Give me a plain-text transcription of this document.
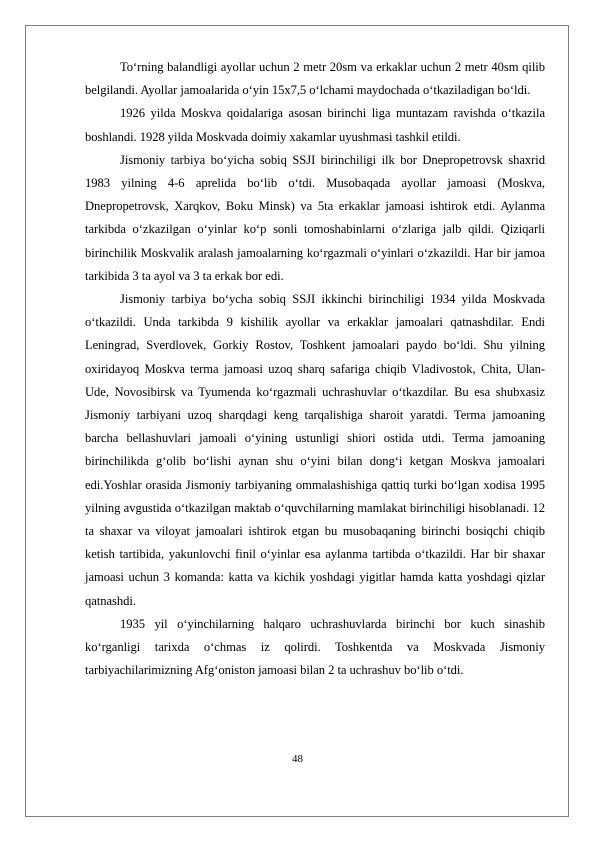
To‘rning balandligi ayollar uchun 2 metr 20sm va erkaklar uchun 2 metr 40sm qilib belgilandi. Ayollar jamoalarida o‘yin 15x7,5 o‘lchami maydochada o‘tkaziladigan bo‘ldi.

1926 yilda Moskva qoidalariga asosan birinchi liga muntazam ravishda o‘tkazila boshlandi. 1928 yilda Moskvada doimiy xakamlar uyushmasi tashkil etildi.

Jismoniy tarbiya bo‘yicha sobiq SSJI birinchiligi ilk bor Dnepropetrovsk shaxrid 1983 yilning 4-6 aprelida bo‘lib o‘tdi. Musobaqada ayollar jamoasi (Moskva, Dnepropetrovsk, Xarqkov, Boku Minsk) va 5ta erkaklar jamoasi ishtirok etdi. Aylanma tarkibda o‘zkazilgan o‘yinlar ko‘p sonli tomoshabinlarni o‘zlariga jalb qildi. Qiziqarli birinchilik Moskvalik aralash jamoalarning ko‘rgazmali o‘yinlari o‘zkazildi. Har bir jamoa tarkibida 3 ta ayol va 3 ta erkak bor edi.

Jismoniy tarbiya bo‘ycha sobiq SSJI ikkinchi birinchiligi 1934 yilda Moskvada o‘tkazildi. Unda tarkibda 9 kishilik ayollar va erkaklar jamoalari qatnashdilar. Endi Leningrad, Sverdlovek, Gorkiy Rostov, Toshkent jamoalari paydo bo‘ldi. Shu yilning oxiridayoq Moskva terma jamoasi uzoq sharq safariga chiqib Vladivostok, Chita, Ulan-Ude, Novosibirsk va Tyumenda ko‘rgazmali uchrashuvlar o‘tkazdilar. Bu esa shubxasiz Jismoniy tarbiyani uzoq sharqdagi keng tarqalishiga sharoit yaratdi. Terma jamoaning barcha bellashuvlari jamoali o‘yining ustunligi shiori ostida utdi. Terma jamoaning birinchilikda g‘olib bo‘lishi aynan shu o‘yini bilan dong‘i ketgan Moskva jamoalari edi.Yoshlar orasida Jismoniy tarbiyaning ommalashishiga qattiq turki bo‘lgan xodisa 1995 yilning avgustida o‘tkazilgan maktab o‘quvchilarning mamlakat birinchiligi hisoblanadi. 12 ta shaxar va viloyat jamoalari ishtirok etgan bu musobaqaning birinchi bosiqchi chiqib ketish tartibida, yakunlovchi finil o‘yinlar esa aylanma tartibda o‘tkazildi. Har bir shaxar jamoasi uchun 3 komanda: katta va kichik yoshdagi yigitlar hamda katta yoshdagi qizlar qatnashdi.

1935 yil o‘yinchilarning halqaro uchrashuvlarda birinchi bor kuch sinashib ko‘rganligi tarixda o‘chmas iz qolirdi. Toshkentda va Moskvada Jismoniy tarbiyachilarimizning Afg‘oniston jamoasi bilan 2 ta uchrashuv bo‘lib o‘tdi.

48
